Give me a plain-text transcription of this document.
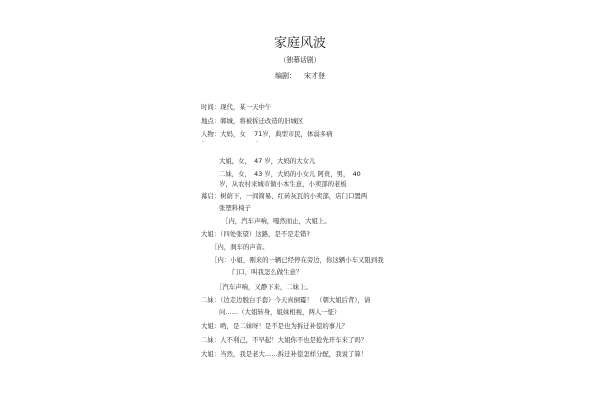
家庭风波
（独幕话剧）
编剧： 宋才登
时间：现代，某一天中午
地点：郸城，将被拆迁改造的旧城区
人物：大妈，女　 71岁，典型市民，体弱多病
·	·
大姐，女，　47 岁，大妈的大女儿
二妹，女，　43 岁，大妈的小女儿 阿贵，男，　40
岁，从农村来城市做小本生意，小卖部的老板
幕启：树荫下，一间简易、红砖灰瓦的小卖部，店门口置两
张塑料椅子
［内，汽车声响，嘎然而止，大姐上。
大姐：（四处张望）这路，是不是走错?
［内，刹车的声音。
［内：小姐，刚来的一辆已经停在旁边，你这辆小车又阻到我
门口，叫我怎么做生意？
［汽车声响，又静下来，二妹上。
二妹：（边走边脱白手套）今天真倒霉！　（朝大姐后背），请
问……（大姐转身，姐妹相视，两人一怔）
大姐：哟，是二妹呀！是不是也为拆迁补偿的事儿？
二妹：人不利己，不早起！大姐你不也是抢先开车来了吗？
大姐：当然，我是老大……拆迁补偿怎样分配，我说了算！
